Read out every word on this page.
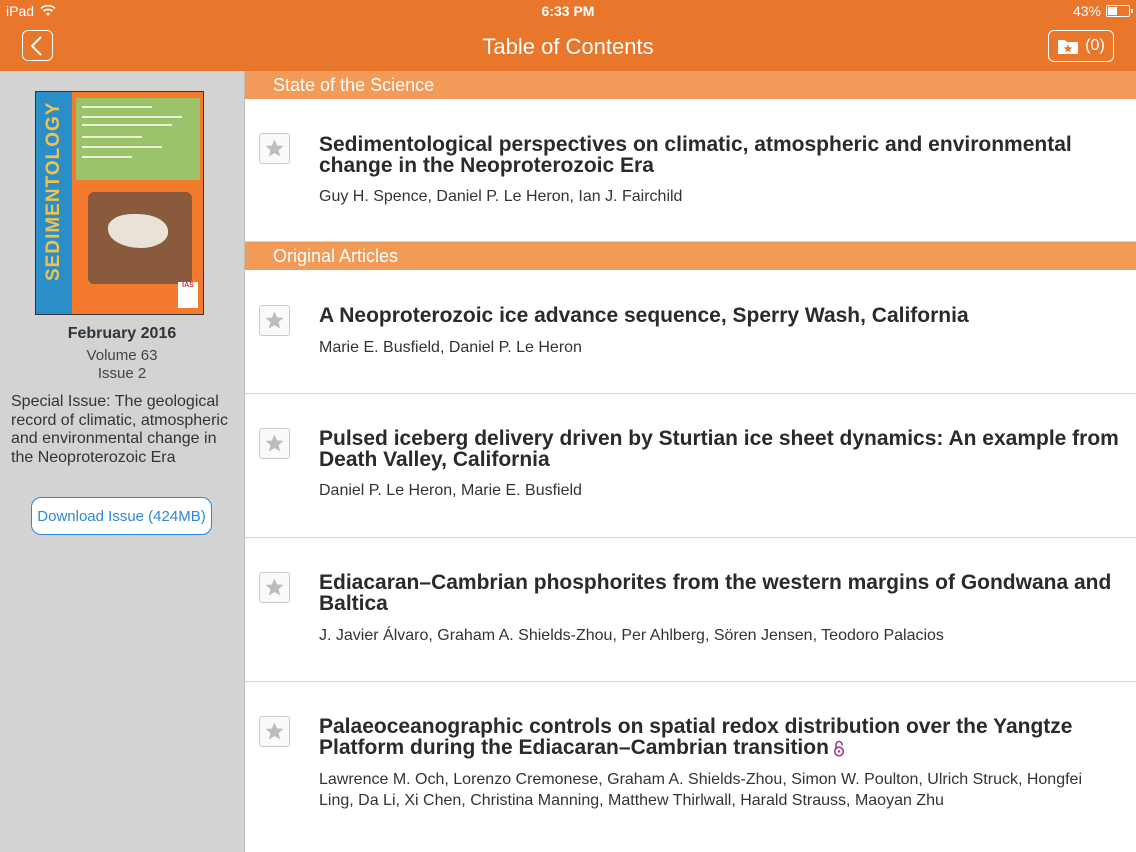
iPad	6:33 PM	43%
Table of Contents	(0)
SEDIMENTOLOGY
IAS
February 2016
Volume 63
Issue 2
Special Issue: The geological record of climatic, atmospheric and environmental change in the Neoproterozoic Era
Download Issue (424MB)
State of the Science
Sedimentological perspectives on climatic, atmospheric and environmental change in the Neoproterozoic Era
Guy H. Spence, Daniel P. Le Heron, Ian J. Fairchild
Original Articles
A Neoproterozoic ice advance sequence, Sperry Wash, California
Marie E. Busfield, Daniel P. Le Heron
Pulsed iceberg delivery driven by Sturtian ice sheet dynamics: An example from Death Valley, California
Daniel P. Le Heron, Marie E. Busfield
Ediacaran–Cambrian phosphorites from the western margins of Gondwana and Baltica
J. Javier Álvaro, Graham A. Shields-Zhou, Per Ahlberg, Sören Jensen, Teodoro Palacios
Palaeoceanographic controls on spatial redox distribution over the Yangtze Platform during the Ediacaran–Cambrian transition
Lawrence M. Och, Lorenzo Cremonese, Graham A. Shields-Zhou, Simon W. Poulton, Ulrich Struck, Hongfei Ling, Da Li, Xi Chen, Christina Manning, Matthew Thirlwall, Harald Strauss, Maoyan Zhu
